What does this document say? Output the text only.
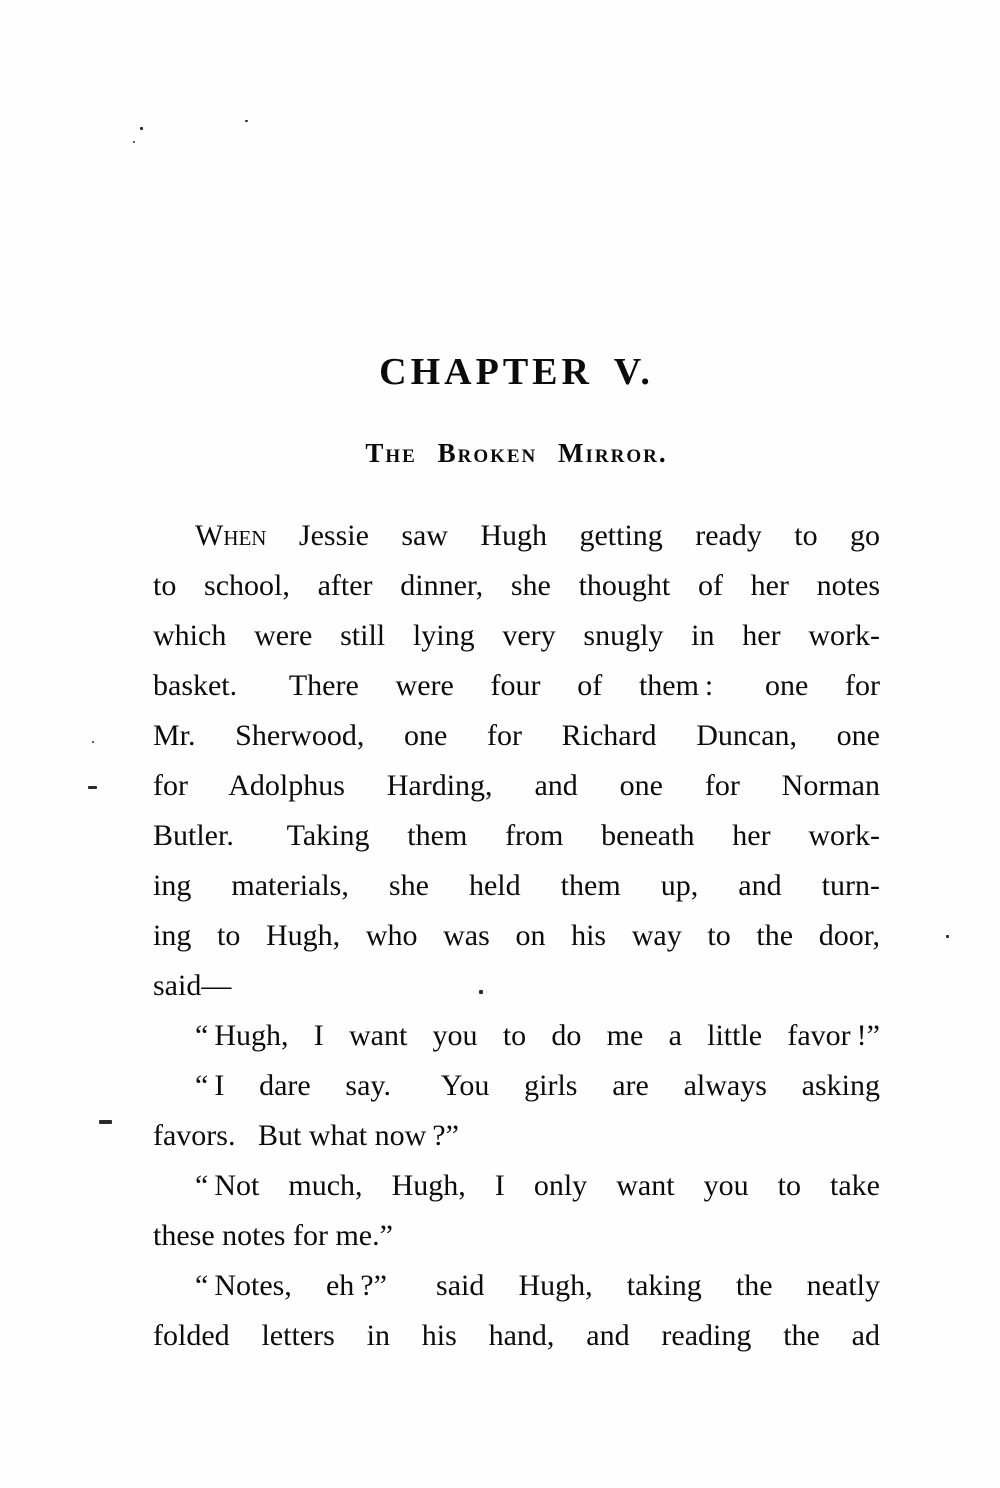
CHAPTER V.
The Broken Mirror.
When Jessie saw Hugh getting ready to go
to school, after dinner, she thought of her notes
which were still lying very snugly in her work-
basket.  There were four of them :  one for
Mr. Sherwood, one for Richard Duncan, one
for Adolphus Harding, and one for Norman
Butler.  Taking them from beneath her work-
ing materials, she held them up, and turn-
ing to Hugh, who was on his way to the door,
said—
“ Hugh, I want you to do me a little favor !”
“ I dare say.  You girls are always asking
favors.  But what now ?”
“ Not much, Hugh, I only want you to take
these notes for me.”
“ Notes, eh ?”  said Hugh, taking the neatly
folded letters in his hand, and reading the ad
